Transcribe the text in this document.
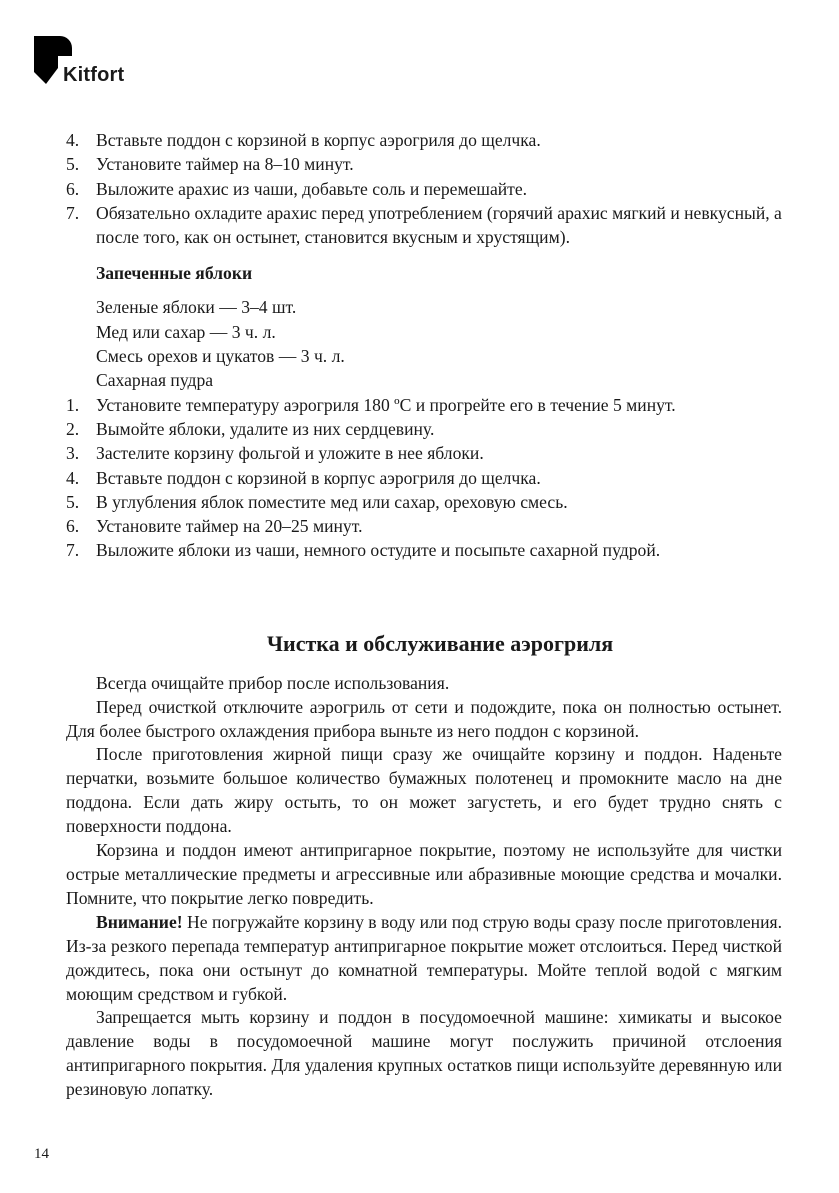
Kitfort
4. Вставьте поддон с корзиной в корпус аэрогриля до щелчка.
5. Установите таймер на 8–10 минут.
6. Выложите арахис из чаши, добавьте соль и перемешайте.
7. Обязательно охладите арахис перед употреблением (горячий арахис мягкий и невкусный, а после того, как он остынет, становится вкусным и хрустящим).
Запеченные яблоки
Зеленые яблоки — 3–4 шт.
Мед или сахар — 3 ч. л.
Смесь орехов и цукатов — 3 ч. л.
Сахарная пудра
1. Установите температуру аэрогриля 180 ºС и прогрейте его в течение 5 минут.
2. Вымойте яблоки, удалите из них сердцевину.
3. Застелите корзину фольгой и уложите в нее яблоки.
4. Вставьте поддон с корзиной в корпус аэрогриля до щелчка.
5. В углубления яблок поместите мед или сахар, ореховую смесь.
6. Установите таймер на 20–25 минут.
7. Выложите яблоки из чаши, немного остудите и посыпьте сахарной пудрой.
Чистка и обслуживание аэрогриля

Всегда очищайте прибор после использования.

Перед очисткой отключите аэрогриль от сети и подождите, пока он полностью остынет. Для более быстрого охлаждения прибора выньте из него поддон с корзиной.

После приготовления жирной пищи сразу же очищайте корзину и поддон. Наденьте перчатки, возьмите большое количество бумажных полотенец и промокните масло на дне поддона. Если дать жиру остыть, то он может загустеть, и его будет трудно снять с поверхности поддона.

Корзина и поддон имеют антипригарное покрытие, поэтому не используйте для чистки острые металлические предметы и агрессивные или абразивные моющие средства и мочалки. Помните, что покрытие легко повредить.

Внимание! Не погружайте корзину в воду или под струю воды сразу после приготовления. Из-за резкого перепада температур антипригарное покрытие может отслоиться. Перед чисткой дождитесь, пока они остынут до комнатной температуры. Мойте теплой водой с мягким моющим средством и губкой.

Запрещается мыть корзину и поддон в посудомоечной машине: химикаты и высокое давление воды в посудомоечной машине могут послужить причиной отслоения антипригарного покрытия. Для удаления крупных остатков пищи используйте деревянную или резиновую лопатку.

14
